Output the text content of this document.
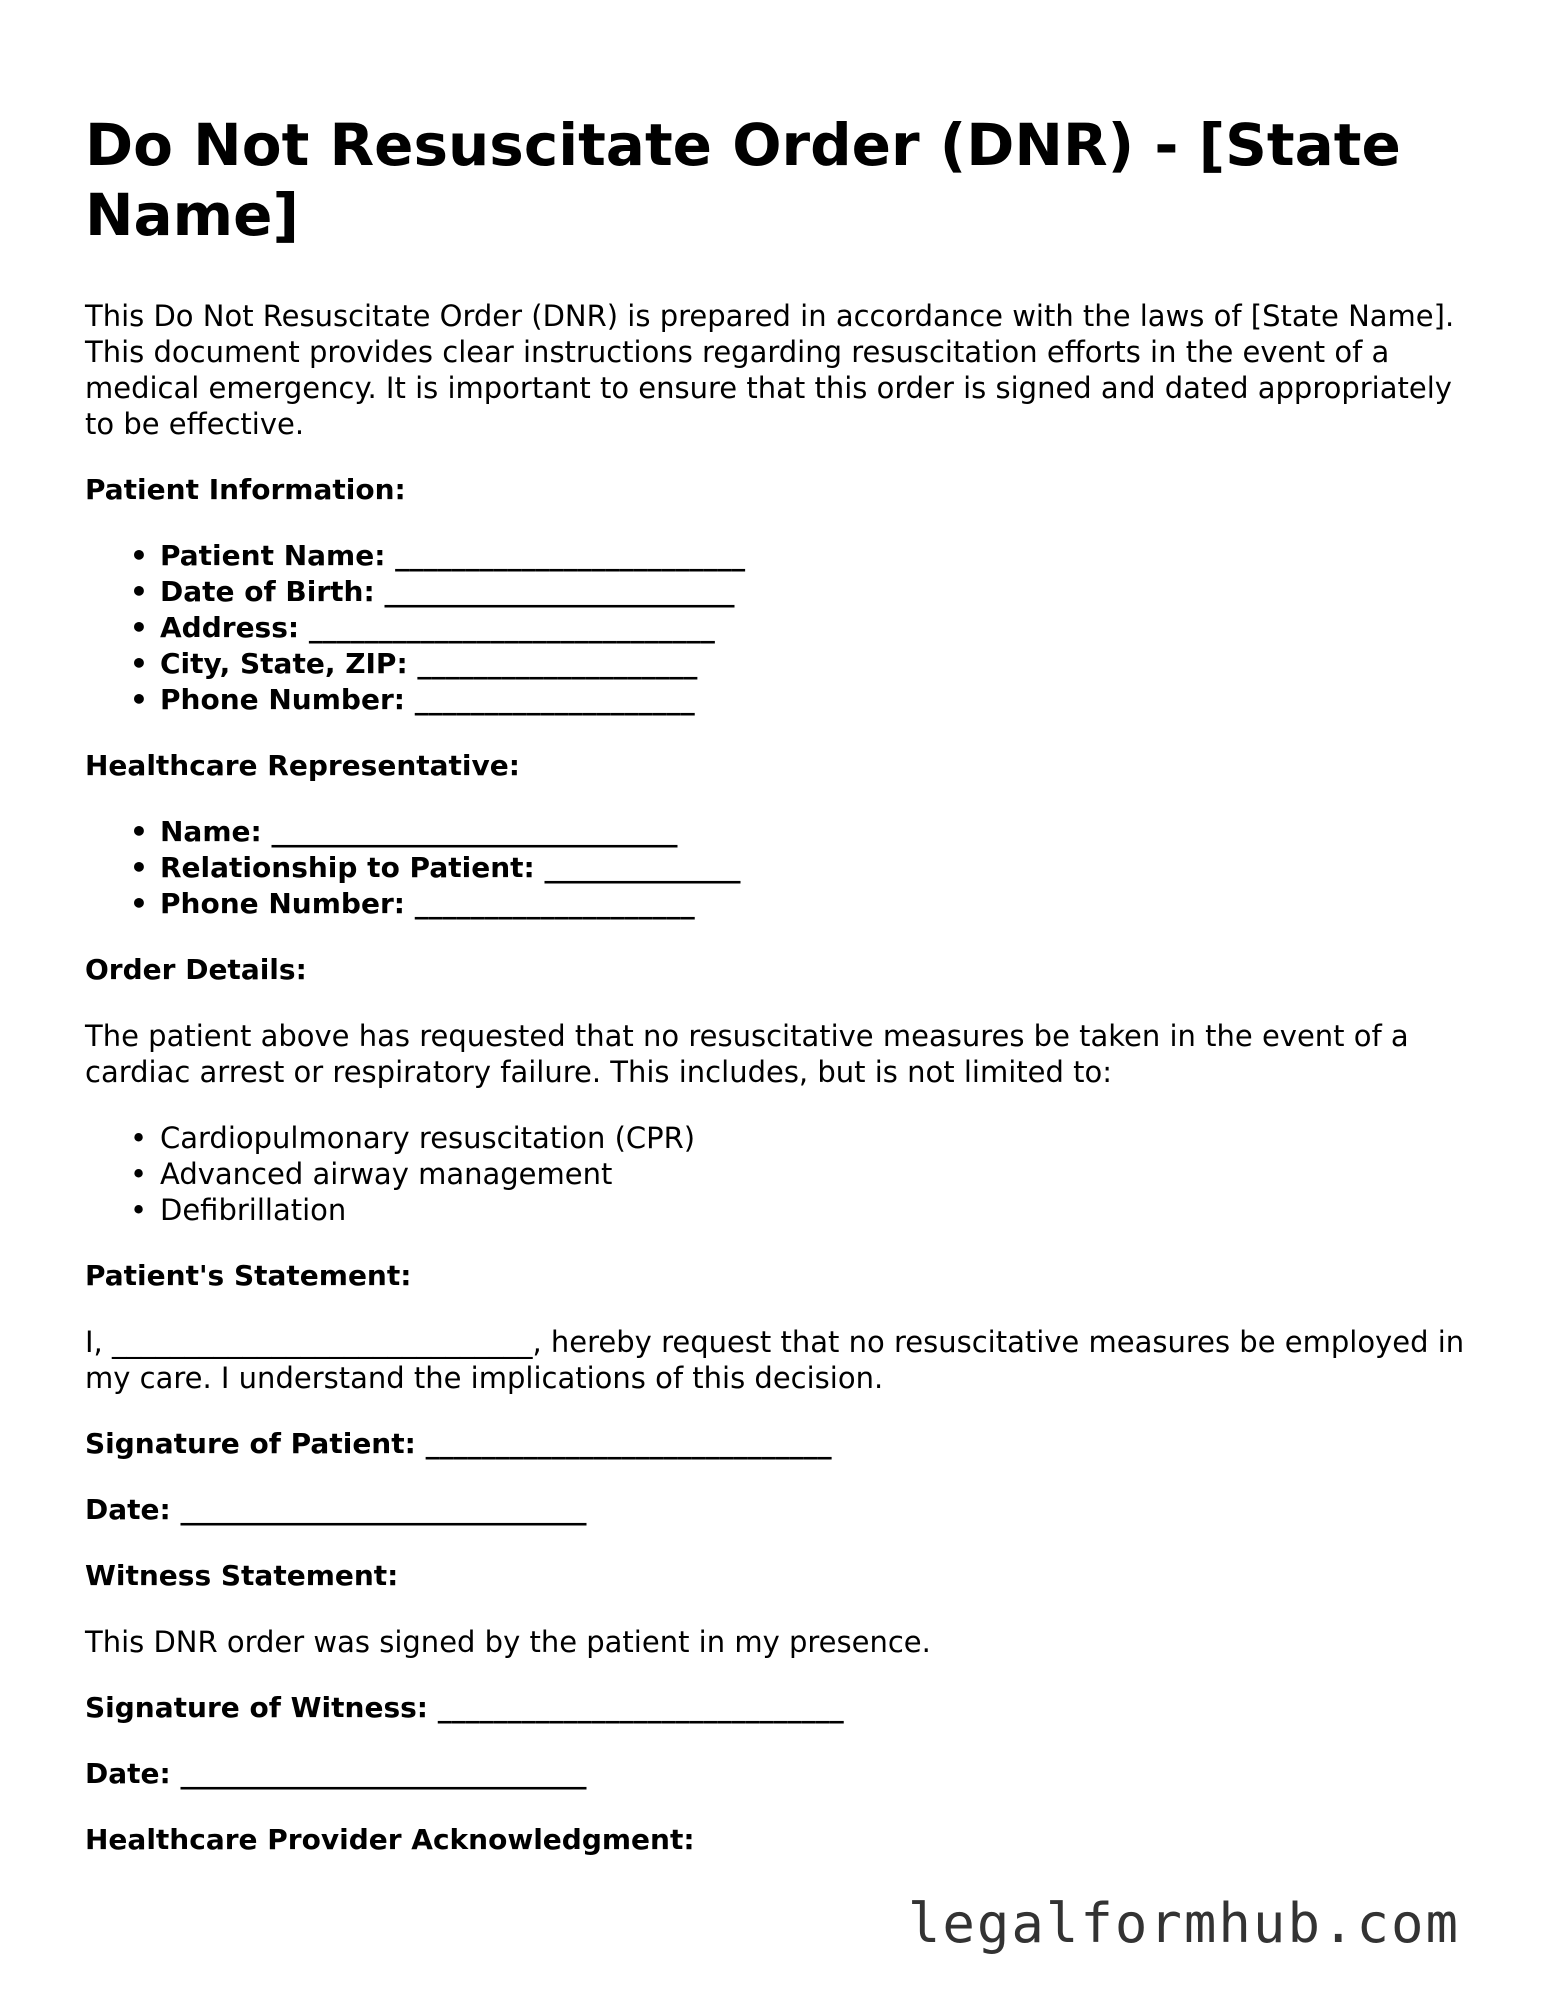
Do Not Resuscitate Order (DNR) - [State Name]

This Do Not Resuscitate Order (DNR) is prepared in accordance with the laws of [State Name]. This document provides clear instructions regarding resuscitation efforts in the event of a medical emergency. It is important to ensure that this order is signed and dated appropriately to be effective.

Patient Information:
• Patient Name: _________________________
• Date of Birth: _________________________
• Address: _____________________________
• City, State, ZIP: ____________________
• Phone Number: ____________________
Healthcare Representative:
• Name: _____________________________
• Relationship to Patient: ______________
• Phone Number: ____________________
Order Details:

The patient above has requested that no resuscitative measures be taken in the event of a cardiac arrest or respiratory failure. This includes, but is not limited to:

• Cardiopulmonary resuscitation (CPR)
• Advanced airway management
• Defibrillation
Patient's Statement:

I, _____________________________, hereby request that no resuscitative measures be employed in my care. I understand the implications of this decision.

Signature of Patient: _____________________________
Date: _____________________________
Witness Statement:

This DNR order was signed by the patient in my presence.

Signature of Witness: _____________________________
Date: _____________________________
Healthcare Provider Acknowledgment:
legalformhub.com
